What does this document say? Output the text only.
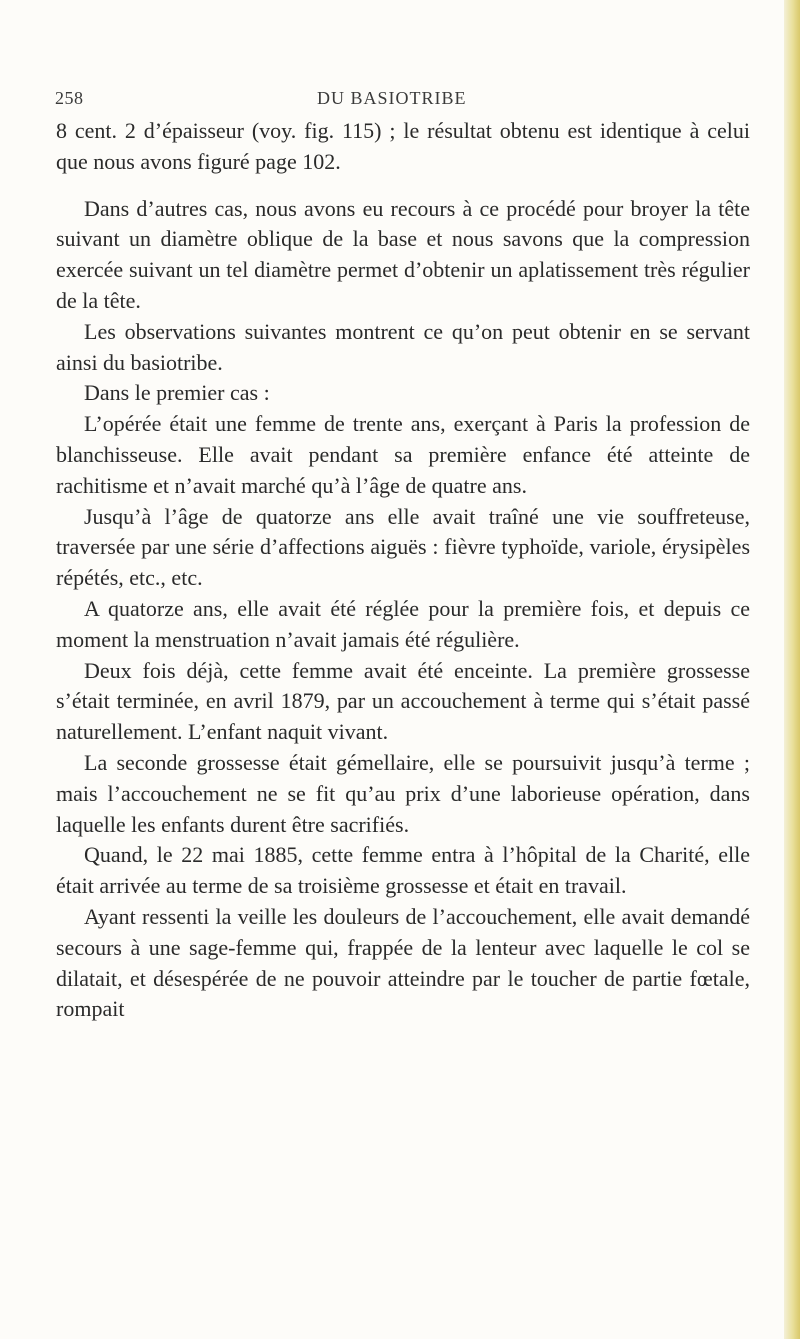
258	DU BASIOTRIBE

8 cent. 2 d’épaisseur (voy. fig. 115) ; le résultat obtenu est identique à celui que nous avons figuré page 102.

Dans d’autres cas, nous avons eu recours à ce procédé pour broyer la tête suivant un diamètre oblique de la base et nous savons que la compression exercée suivant un tel diamètre permet d’obtenir un aplatissement très régulier de la tête.

Les observations suivantes montrent ce qu’on peut obtenir en se servant ainsi du basiotribe.

Dans le premier cas :

L’opérée était une femme de trente ans, exerçant à Paris la profession de blanchisseuse. Elle avait pendant sa première enfance été atteinte de rachitisme et n’avait marché qu’à l’âge de quatre ans.

Jusqu’à l’âge de quatorze ans elle avait traîné une vie souffreteuse, traversée par une série d’affections aiguës : fièvre typhoïde, variole, érysipèles répétés, etc., etc.

A quatorze ans, elle avait été réglée pour la première fois, et depuis ce moment la menstruation n’avait jamais été régulière.

Deux fois déjà, cette femme avait été enceinte. La première grossesse s’était terminée, en avril 1879, par un accouchement à terme qui s’était passé naturellement. L’enfant naquit vivant.

La seconde grossesse était gémellaire, elle se poursuivit jusqu’à terme ; mais l’accouchement ne se fit qu’au prix d’une laborieuse opération, dans laquelle les enfants durent être sacrifiés.

Quand, le 22 mai 1885, cette femme entra à l’hôpital de la Charité, elle était arrivée au terme de sa troisième grossesse et était en travail.

Ayant ressenti la veille les douleurs de l’accouchement, elle avait demandé secours à une sage-femme qui, frappée de la lenteur avec laquelle le col se dilatait, et désespérée de ne pouvoir atteindre par le toucher de partie fœtale, rompait
